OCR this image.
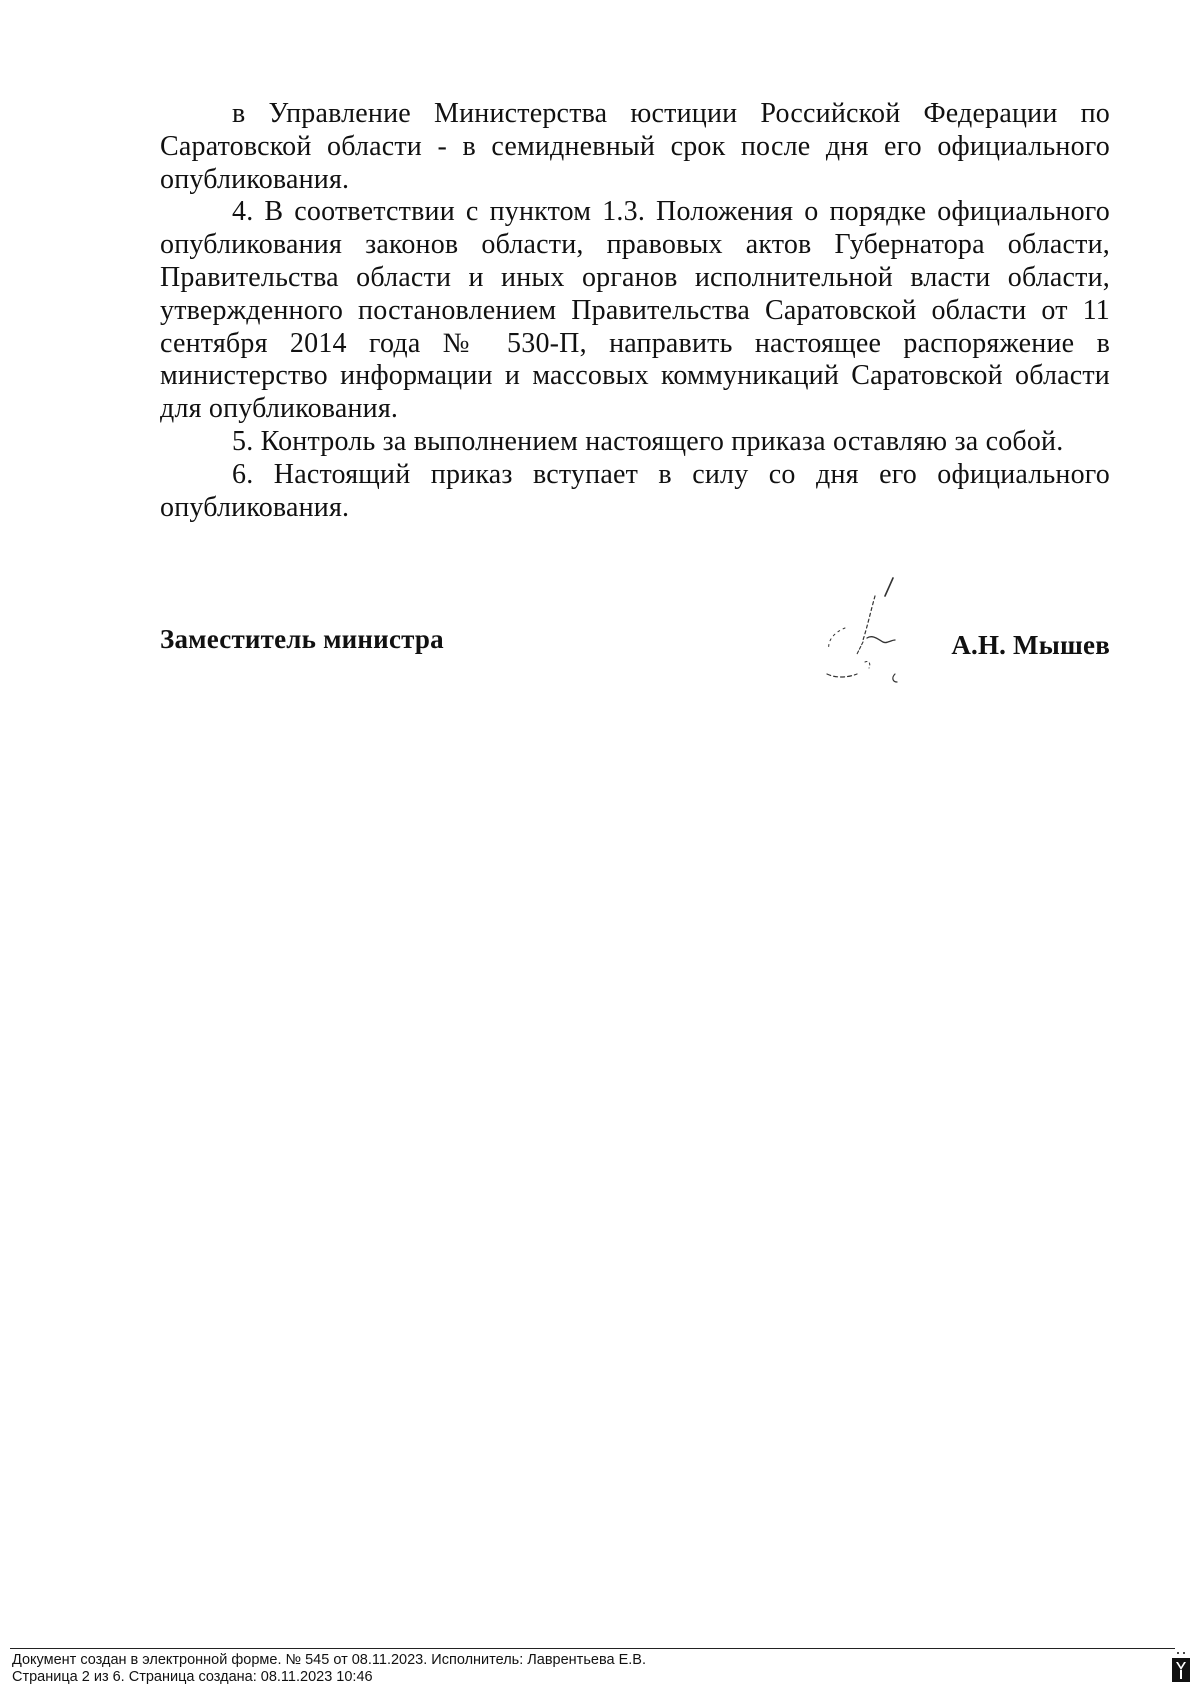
в Управление Министерства юстиции Российской Федерации по Саратовской области - в семидневный срок после дня его официального опубликования.

4. В соответствии с пунктом 1.3. Положения о порядке официального опубликования законов области, правовых актов Губернатора области, Правительства области и иных органов исполнительной власти области, утвержденного постановлением Правительства Саратовской области от 11 сентября 2014 года № 530-П, направить настоящее распоряжение в министерство информации и массовых коммуникаций Саратовской области для опубликования.

5. Контроль за выполнением настоящего приказа оставляю за собой.

6. Настоящий приказ вступает в силу со дня его официального опубликования.

Заместитель министра	А.Н. Мышев
Документ создан в электронной форме. № 545 от 08.11.2023. Исполнитель: Лаврентьева Е.В.
Страница 2 из 6. Страница создана: 08.11.2023 10:46
